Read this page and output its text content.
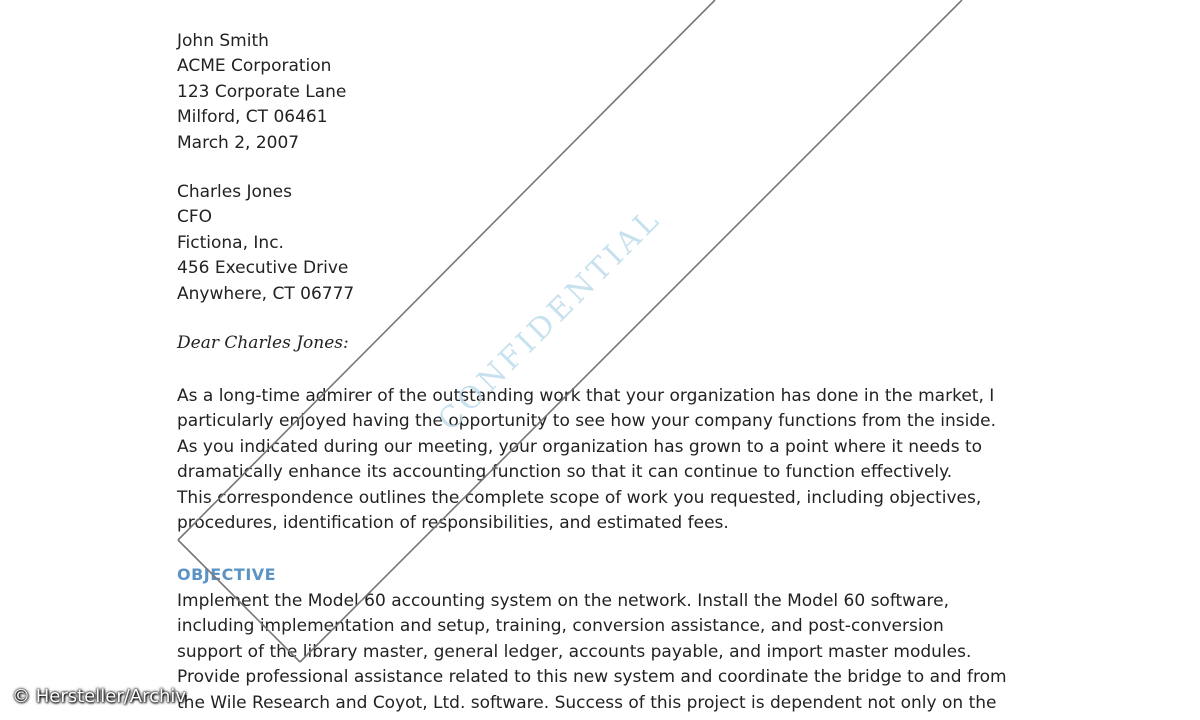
John Smith
ACME Corporation
123 Corporate Lane
Milford, CT 06461
March 2, 2007
Charles Jones
CFO
Fictiona, Inc.
456 Executive Drive
Anywhere, CT 06777
Dear Charles Jones:
As a long-time admirer of the outstanding work that your organization has done in the market, I
particularly enjoyed having the opportunity to see how your company functions from the inside.
As you indicated during our meeting, your organization has grown to a point where it needs to
dramatically enhance its accounting function so that it can continue to function effectively.
This correspondence outlines the complete scope of work you requested, including objectives,
procedures, identification of responsibilities, and estimated fees.
OBJECTIVE
Implement the Model 60 accounting system on the network. Install the Model 60 software,
including implementation and setup, training, conversion assistance, and post-conversion
support of the library master, general ledger, accounts payable, and import master modules.
Provide professional assistance related to this new system and coordinate the bridge to and from
the Wile Research and Coyot, Ltd. software. Success of this project is dependent not only on the
CONFIDENTIAL
© Hersteller/Archiv
